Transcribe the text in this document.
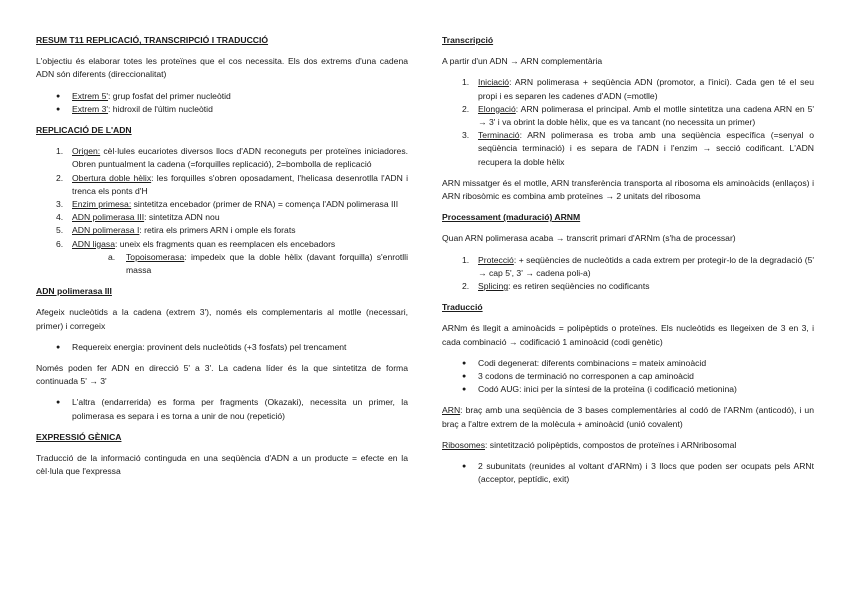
RESUM T11 REPLICACIÓ, TRANSCRIPCIÓ I TRADUCCIÓ
L'objectiu és elaborar totes les proteïnes que el cos necessita. Els dos extrems d'una cadena ADN són diferents (direccionalitat)
● Extrem 5': grup fosfat del primer nucleòtid
● Extrem 3': hidroxil de l'últim nucleòtid
REPLICACIÓ DE L'ADN
1. Origen: cèl·lules eucariotes diversos llocs d'ADN reconeguts per proteïnes iniciadores. Obren puntualment la cadena (=forquilles replicació), 2=bombolla de replicació
2. Obertura doble hèlix: les forquilles s'obren oposadament, l'helicasa desenrotlla l'ADN i trenca els ponts d'H
3. Enzim primesa: sintetitza encebador (primer de RNA) = comença l'ADN polimerasa III
4. ADN polimerasa III: sintetitza ADN nou
5. ADN polimerasa I: retira els primers ARN i omple els forats
6. ADN ligasa: uneix els fragments quan es reemplacen els encebadors
a. Topoisomerasa: impedeix que la doble hèlix (davant forquilla) s'enrotlli massa
ADN polimerasa III
Afegeix nucleòtids a la cadena (extrem 3'), només els complementaris al motlle (necessari, primer) i corregeix
● Requereix energia: provinent dels nucleòtids (+3 fosfats) pel trencament
Només poden fer ADN en direcció 5' a 3'. La cadena líder és la que sintetitza de forma continuada 5' → 3'
● L'altra (endarrerida) es forma per fragments (Okazaki), necessita un primer, la polimerasa es separa i es torna a unir de nou (repetició)
EXPRESSIÓ GÈNICA
Traducció de la informació continguda en una seqüència d'ADN a un producte = efecte en la cèl·lula que l'expressa
Transcripció
A partir d'un ADN → ARN complementària
1. Iniciació: ARN polimerasa + seqüència ADN (promotor, a l'inici). Cada gen té el seu propi i es separen les cadenes d'ADN (=motlle)
2. Elongació: ARN polimerasa el principal. Amb el motlle sintetitza una cadena ARN en 5' → 3' i va obrint la doble hèlix, que es va tancant (no necessita un primer)
3. Terminació: ARN polimerasa es troba amb una seqüència específica (=senyal o seqüència terminació) i es separa de l'ADN i l'enzim → secció codificant. L'ADN recupera la doble hèlix
ARN missatger és el motlle, ARN transferència transporta al ribosoma els aminoàcids (enllaços) i ARN ribosòmic es combina amb proteïnes → 2 unitats del ribosoma
Processament (maduració) ARNM
Quan ARN polimerasa acaba → transcrit primari d'ARNm (s'ha de processar)
1. Protecció: + seqüències de nucleòtids a cada extrem per protegir-lo de la degradació (5' → cap 5', 3' → cadena poli-a)
2. Splicing: es retiren seqüències no codificants
Traducció
ARNm és llegit a aminoàcids = polipèptids o proteïnes. Els nucleòtids es llegeixen de 3 en 3, i cada combinació → codificació 1 aminoàcid (codi genètic)
● Codi degenerat: diferents combinacions = mateix aminoàcid
● 3 codons de terminació no corresponen a cap aminoàcid
● Codó AUG: inici per la síntesi de la proteïna (i codificació metionina)
ARN: braç amb una seqüència de 3 bases complementàries al codó de l'ARNm (anticodó), i un braç a l'altre extrem de la molècula + aminoàcid (unió covalent)
Ribosomes: sintetització polipèptids, compostos de proteïnes i ARNribosomal
● 2 subunitats (reunides al voltant d'ARNm) i 3 llocs que poden ser ocupats pels ARNt (acceptor, peptídic, exit)
